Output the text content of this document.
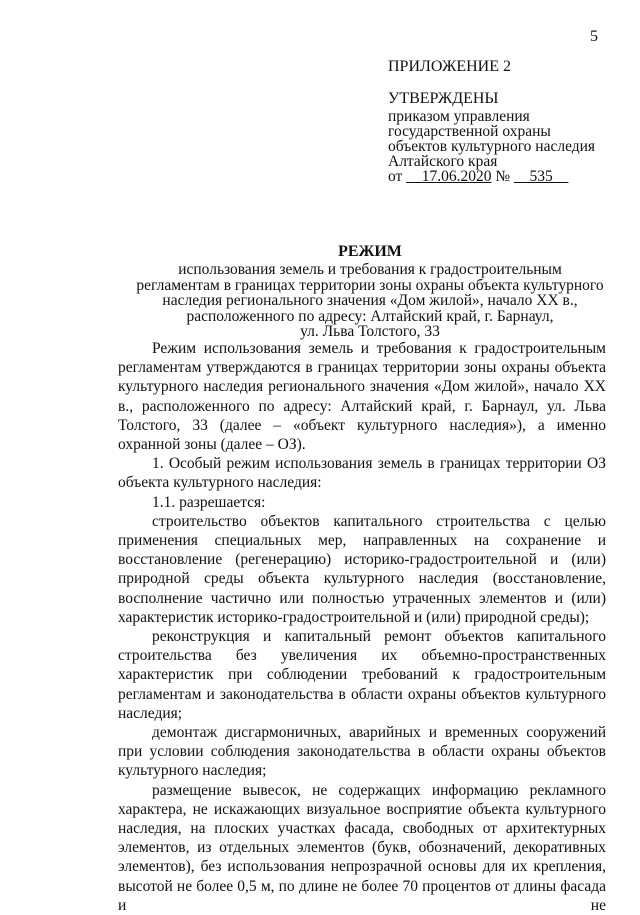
5
ПРИЛОЖЕНИЕ 2
УТВЕРЖДЕНЫ
приказом управления
государственной охраны
объектов культурного наследия
Алтайского края
от __17.06.2020 № __535__
РЕЖИМ
использования земель и требования к градостроительным
регламентам в границах территории зоны охраны объекта культурного
наследия регионального значения «Дом жилой», начало ХХ в.,
расположенного по адресу: Алтайский край, г. Барнаул,
ул. Льва Толстого, 33

Режим использования земель и требования к градостроительным регламентам утверждаются в границах территории зоны охраны объекта культурного наследия регионального значения «Дом жилой», начало ХХ в., расположенного по адресу: Алтайский край, г. Барнаул, ул. Льва Толстого, 33 (далее – «объект культурного наследия»), а именно охранной зоны (далее – ОЗ).

1. Особый режим использования земель в границах территории ОЗ объекта культурного наследия:

1.1. разрешается:

строительство объектов капитального строительства с целью применения специальных мер, направленных на сохранение и восстановление (регенерацию) историко-градостроительной и (или) природной среды объекта культурного наследия (восстановление, восполнение частично или полностью утраченных элементов и (или) характеристик историко-градостроительной и (или) природной среды);

реконструкция и капитальный ремонт объектов капитального строительства без увеличения их объемно-пространственных характеристик при соблюдении требований к градостроительным регламентам и законодательства в области охраны объектов культурного наследия;

демонтаж дисгармоничных, аварийных и временных сооружений при условии соблюдения законодательства в области охраны объектов культурного наследия;

размещение вывесок, не содержащих информацию рекламного характера, не искажающих визуальное восприятие объекта культурного наследия, на плоских участках фасада, свободных от архитектурных элементов, из отдельных элементов (букв, обозначений, декоративных элементов), без использования непрозрачной основы для их крепления, высотой не более 0,5 м, по длине не более 70 процентов от длины фасада и не
